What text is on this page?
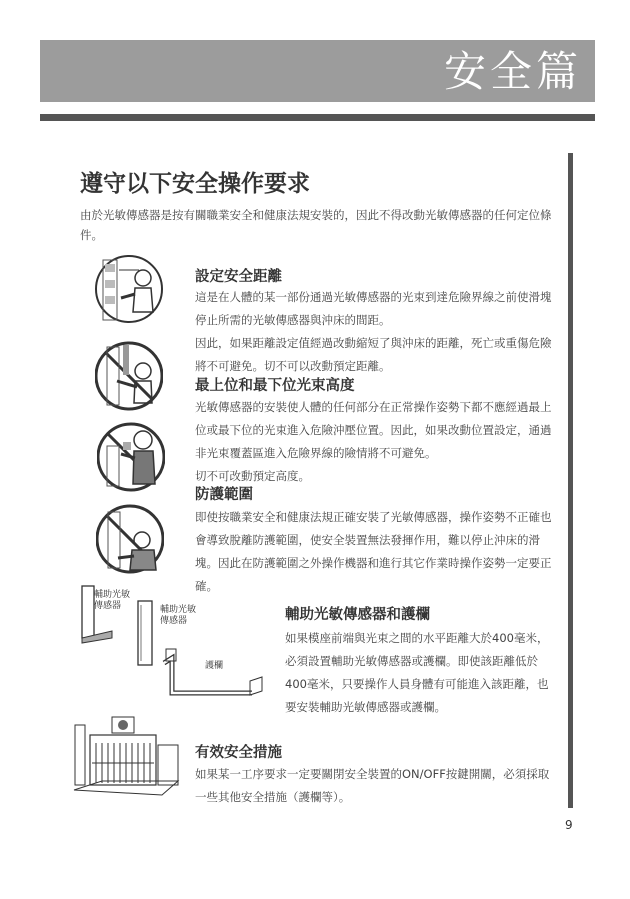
安全篇
遵守以下安全操作要求
由於光敏傳感器是按有關職業安全和健康法規安裝的，因此不得改動光敏傳感器的任何定位條件。
輔助光敏傳感器	輔助光敏傳感器
護欄
設定安全距離

這是在人體的某一部份通過光敏傳感器的光束到達危險界線之前使滑塊停止所需的光敏傳感器與沖床的間距。

因此，如果距離設定值經過改動縮短了與沖床的距離，死亡或重傷危險將不可避免。切不可以改動預定距離。

最上位和最下位光束高度

光敏傳感器的安裝使人體的任何部分在正常操作姿勢下都不應經過最上位或最下位的光束進入危險沖壓位置。因此，如果改動位置設定，通過非光束覆蓋區進入危險界線的險情將不可避免。

切不可改動預定高度。

防護範圍

即使按職業安全和健康法規正確安裝了光敏傳感器，操作姿勢不正確也會導致脫離防護範圍，使安全裝置無法發揮作用，難以停止沖床的滑塊。因此在防護範圍之外操作機器和進行其它作業時操作姿勢一定要正確。

輔助光敏傳感器和護欄

如果模座前端與光束之間的水平距離大於400毫米，必須設置輔助光敏傳感器或護欄。即使該距離低於400毫米，只要操作人員身體有可能進入該距離，也要安裝輔助光敏傳感器或護欄。

有效安全措施

如果某一工序要求一定要關閉安全裝置的ON/OFF按鍵開關，必須採取一些其他安全措施（護欄等）。

9
